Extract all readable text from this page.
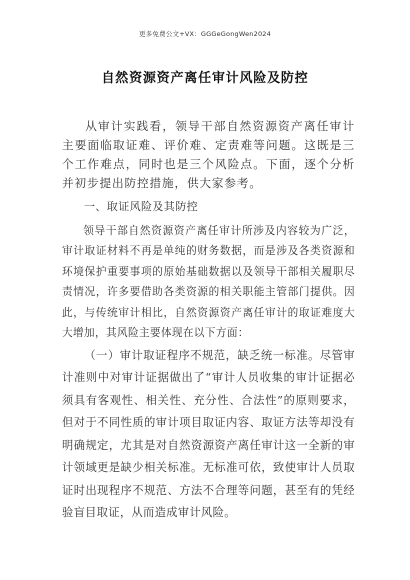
更多免费公文+VX：GGGeGongWen2024
自然资源资产离任审计风险及防控

从审计实践看，领导干部自然资源资产离任审计主要面临取证难、评价难、定责难等问题。这既是三个工作难点，同时也是三个风险点。下面，逐个分析并初步提出防控措施，供大家参考。

一、取证风险及其防控

领导干部自然资源资产离任审计所涉及内容较为广泛，审计取证材料不再是单纯的财务数据，而是涉及各类资源和环境保护重要事项的原始基础数据以及领导干部相关履职尽责情况，许多要借助各类资源的相关职能主管部门提供。因此，与传统审计相比，自然资源资产离任审计的取证难度大大增加，其风险主要体现在以下方面：

（一）审计取证程序不规范，缺乏统一标准。尽管审计准则中对审计证据做出了“审计人员收集的审计证据必须具有客观性、相关性、充分性、合法性”的原则要求，但对于不同性质的审计项目取证内容、取证方法等却没有明确规定，尤其是对自然资源资产离任审计这一全新的审计领域更是缺少相关标准。无标准可依，致使审计人员取证时出现程序不规范、方法不合理等问题，甚至有的凭经验盲目取证，从而造成审计风险。
